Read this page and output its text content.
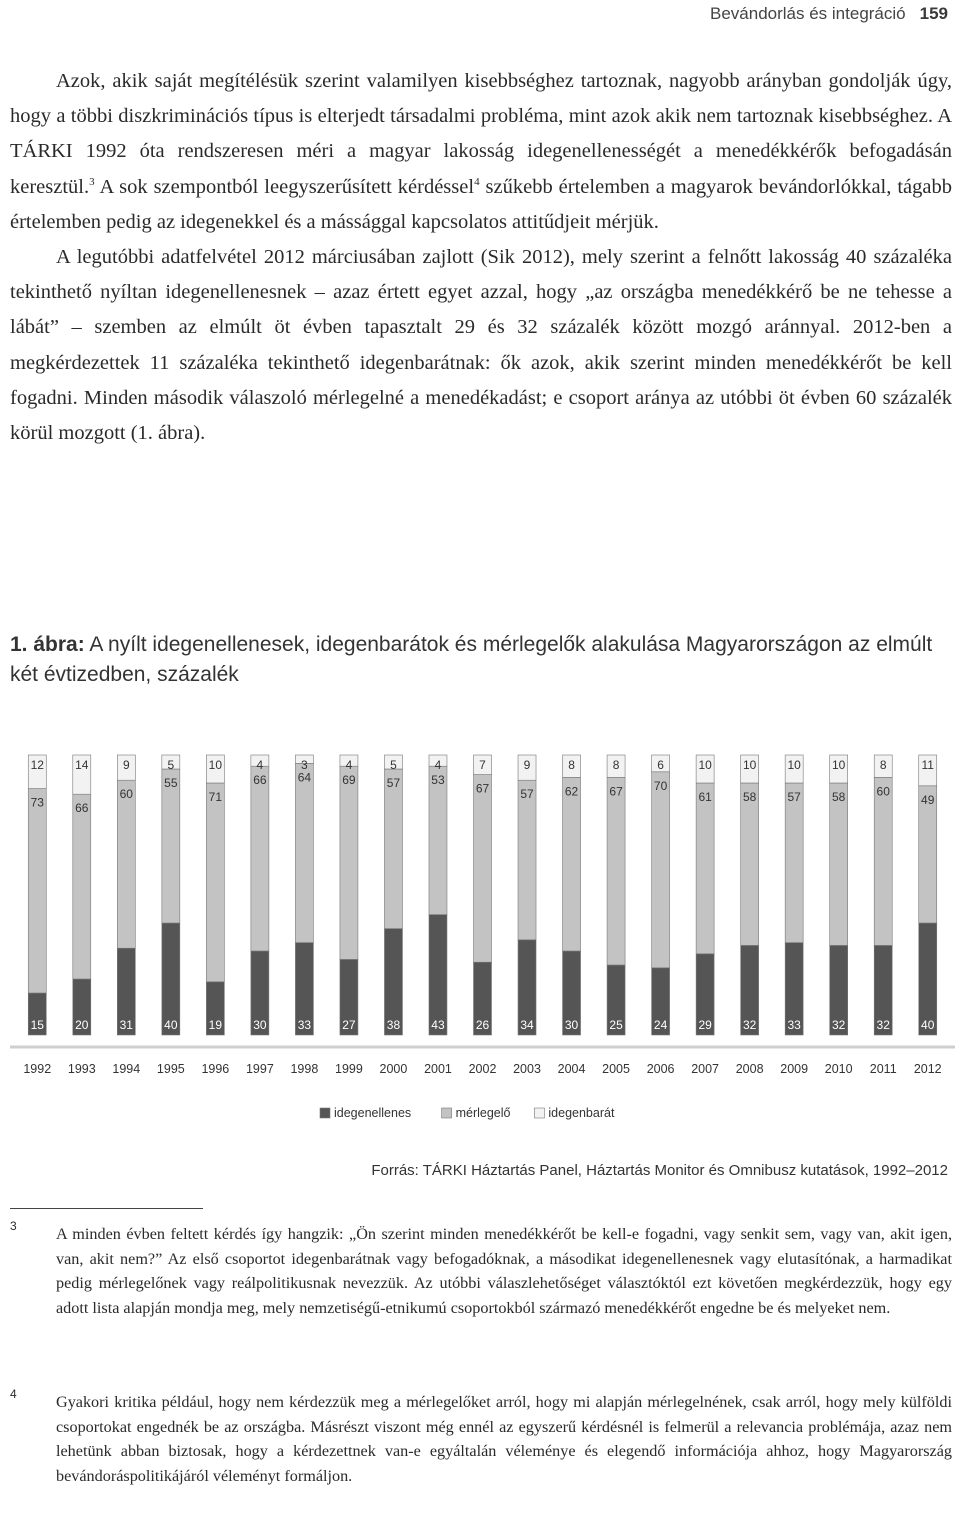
Bevándorlás és integráció 159

Azok, akik saját megítélésük szerint valamilyen kisebbséghez tartoznak, nagyobb arányban gondolják úgy, hogy a többi diszkriminációs típus is elterjedt társadalmi probléma, mint azok akik nem tartoznak kisebbséghez. A TÁRKI 1992 óta rendszeresen méri a magyar lakosság idegenellenességét a menedékkérők befogadásán keresztül.$^3$ A sok szempontból leegyszerűsített kérdéssel$^4$ szűkebb értelemben a magyarok bevándorlókkal, tágabb értelemben pedig az idegenekkel és a mássággal kapcsolatos attitűdjeit mérjük.

A legutóbbi adatfelvétel 2012 márciusában zajlott (Sik 2012), mely szerint a felnőtt lakosság 40 százaléka tekinthető nyíltan idegenellenesnek – azaz értett egyet azzal, hogy „az országba menedékkérő be ne tehesse a lábát” – szemben az elmúlt öt évben tapasztalt 29 és 32 százalék között mozgó aránnyal. 2012-ben a megkérdezettek 11 százaléka tekinthető idegenbarátnak: ők azok, akik szerint minden menedékkérőt be kell fogadni. Minden második válaszoló mérlegelné a menedékadást; e csoport aránya az utóbbi öt évben 60 százalék körül mozgott (1. ábra).

1. ábra: A nyílt idegenellenesek, idegenbarátok és mérlegelők alakulása Magyarországon az elmúlt két évtizedben, százalék
15
73
12
1992
20
66
14
1993
31
60
9
1994
40
55
5
1995
19
71
10
1996
30
66
4
1997
33
64
3
1998
27
69
4
1999
38
57
5
2000
43
53
4
2001
26
67
7
2002
34
57
9
2003
30
62
8
2004
25
67
8
2005
24
70
6
2006
29
61
10
2007
32
58
10
2008
33
57
10
2009
32
58
10
2010
32
60
8
2011
40
49
11
2012
idegenellenes	mérlegelő	idegenbarát
Forrás: TÁRKI Háztartás Panel, Háztartás Monitor és Omnibusz kutatások, 1992–2012
3 A minden évben feltett kérdés így hangzik: „Ön szerint minden menedékkérőt be kell-e fogadni, vagy senkit sem, vagy van, akit igen, van, akit nem?” Az első csoportot idegenbarátnak vagy befogadóknak, a másodikat idegenellenesnek vagy elutasítónak, a harmadikat pedig mérlegelőnek vagy reálpolitikusnak nevezzük. Az utóbbi válaszlehetőséget választóktól ezt követően megkérdezzük, hogy egy adott lista alapján mondja meg, mely nemzetiségű-etnikumú csoportokból származó menedékkérőt engedne be és melyeket nem.
4 Gyakori kritika például, hogy nem kérdezzük meg a mérlegelőket arról, hogy mi alapján mérlegelnének, csak arról, hogy mely külföldi csoportokat engednék be az országba. Másrészt viszont még ennél az egyszerű kérdésnél is felmerül a relevancia problémája, azaz nem lehetünk abban biztosak, hogy a kérdezettnek van-e egyáltalán véleménye és elegendő információja ahhoz, hogy Magyarország bevándoráspolitikájáról véleményt formáljon.
